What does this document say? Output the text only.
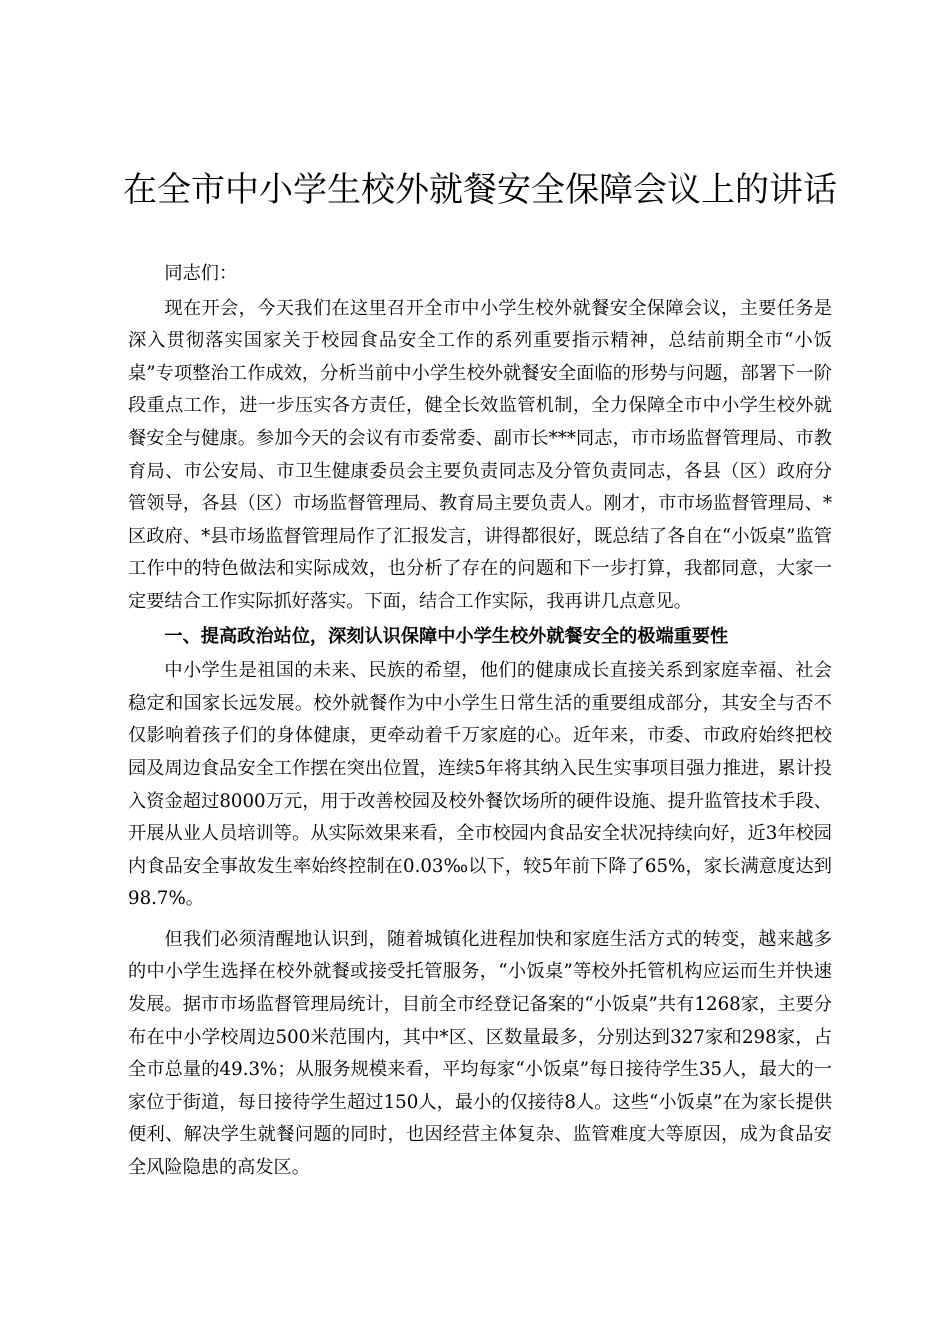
在全市中小学生校外就餐安全保障会议上的讲话

同志们：

现在开会，今天我们在这里召开全市中小学生校外就餐安全保障会议，主要任务是深入贯彻落实国家关于校园食品安全工作的系列重要指示精神，总结前期全市“小饭桌”专项整治工作成效，分析当前中小学生校外就餐安全面临的形势与问题，部署下一阶段重点工作，进一步压实各方责任，健全长效监管机制，全力保障全市中小学生校外就餐安全与健康。参加今天的会议有市委常委、副市长***同志，市市场监督管理局、市教育局、市公安局、市卫生健康委员会主要负责同志及分管负责同志，各县（区）政府分管领导，各县（区）市场监督管理局、教育局主要负责人。刚才，市市场监督管理局、*区政府、*县市场监督管理局作了汇报发言，讲得都很好，既总结了各自在“小饭桌”监管工作中的特色做法和实际成效，也分析了存在的问题和下一步打算，我都同意，大家一定要结合工作实际抓好落实。下面，结合工作实际，我再讲几点意见。

一、提高政治站位，深刻认识保障中小学生校外就餐安全的极端重要性

中小学生是祖国的未来、民族的希望，他们的健康成长直接关系到家庭幸福、社会稳定和国家长远发展。校外就餐作为中小学生日常生活的重要组成部分，其安全与否不仅影响着孩子们的身体健康，更牵动着千万家庭的心。近年来，市委、市政府始终把校园及周边食品安全工作摆在突出位置，连续5年将其纳入民生实事项目强力推进，累计投入资金超过8000万元，用于改善校园及校外餐饮场所的硬件设施、提升监管技术手段、开展从业人员培训等。从实际效果来看，全市校园内食品安全状况持续向好，近3年校园内食品安全事故发生率始终控制在0.03‰以下，较5年前下降了65%，家长满意度达到98.7%。

但我们必须清醒地认识到，随着城镇化进程加快和家庭生活方式的转变，越来越多的中小学生选择在校外就餐或接受托管服务，“小饭桌”等校外托管机构应运而生并快速发展。据市市场监督管理局统计，目前全市经登记备案的“小饭桌”共有1268家，主要分布在中小学校周边500米范围内，其中*区、区数量最多，分别达到327家和298家，占全市总量的49.3%；从服务规模来看，平均每家“小饭桌”每日接待学生35人，最大的一家位于街道，每日接待学生超过150人，最小的仅接待8人。这些“小饭桌”在为家长提供便利、解决学生就餐问题的同时，也因经营主体复杂、监管难度大等原因，成为食品安全风险隐患的高发区。
